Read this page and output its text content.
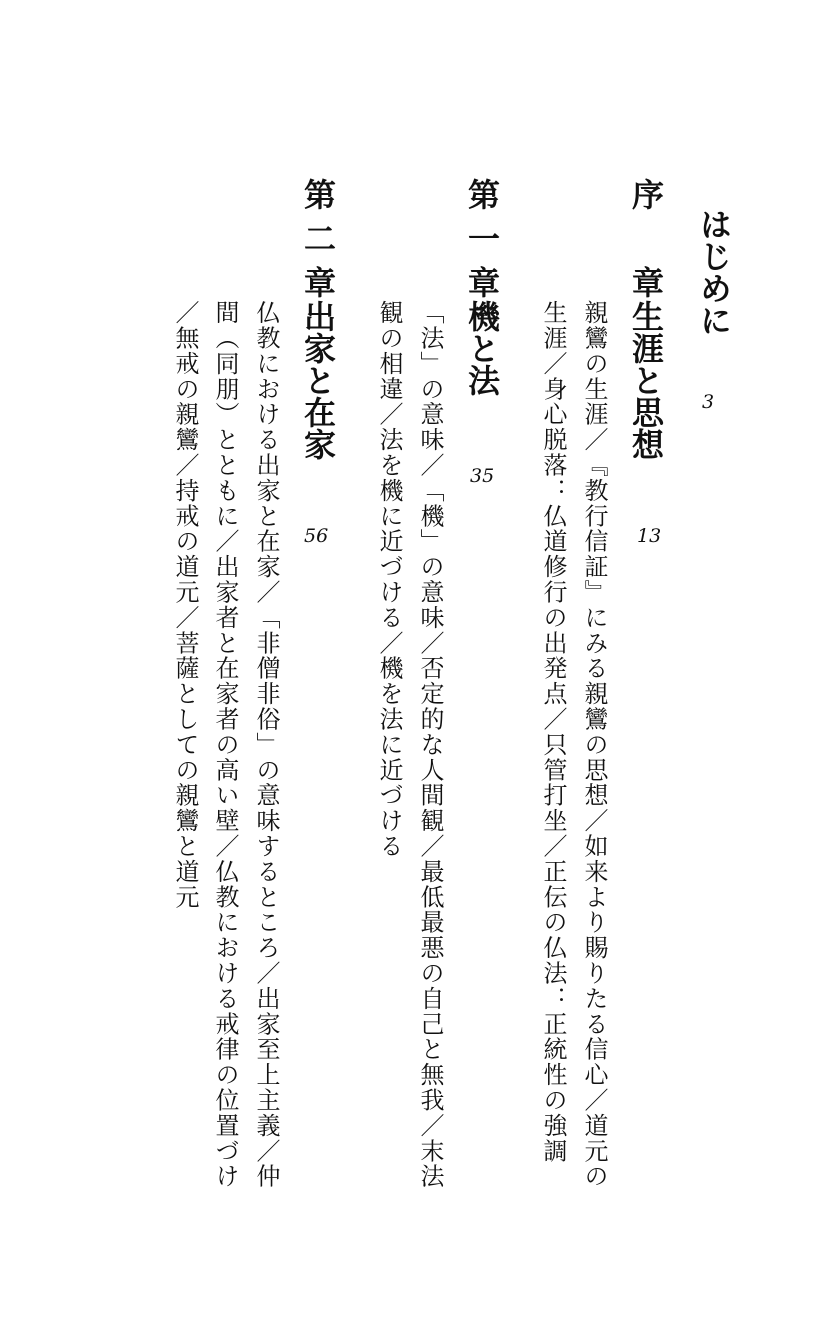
はじめに
3
序　章
生涯と思想
13
親鸞の生涯／『教行信証』にみる親鸞の思想／如来より賜りたる信心／道元の
生涯／身心脱落：仏道修行の出発点／只管打坐／正伝の仏法：正統性の強調
第一章
機と法
35
「法」の意味／「機」の意味／否定的な人間観／最低最悪の自己と無我／末法
観の相違／法を機に近づける／機を法に近づける
第二章
出家と在家
56
仏教における出家と在家／「非僧非俗」の意味するところ／出家至上主義／仲
間（同朋）とともに／出家者と在家者の高い壁／仏教における戒律の位置づけ
／無戒の親鸞／持戒の道元／菩薩としての親鸞と道元
